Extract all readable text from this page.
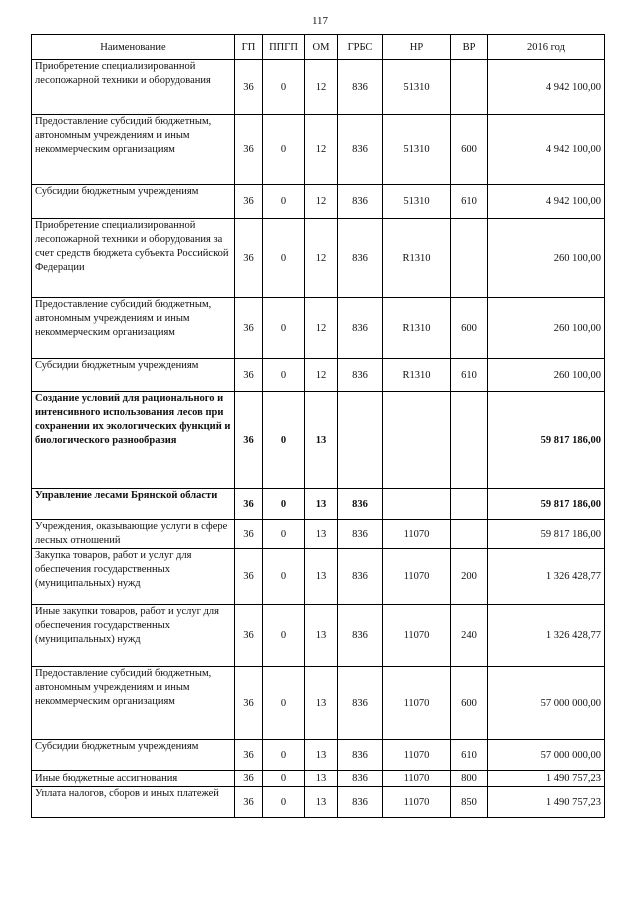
117
Наименование	ГП	ППГП	ОМ	ГРБС	НР	ВР	2016 год
Приобретение специализированной лесопожарной техники и оборудования	36	0	12	836	51310		4 942 100,00
Предоставление субсидий бюджетным, автономным учреждениям и иным некоммерческим организациям	36	0	12	836	51310	600	4 942 100,00
Субсидии бюджетным учреждениям	36	0	12	836	51310	610	4 942 100,00
Приобретение специализированной лесопожарной техники и оборудования за счет средств бюджета субъекта Российской Федерации	36	0	12	836	R1310		260 100,00
Предоставление субсидий бюджетным, автономным учреждениям и иным некоммерческим организациям	36	0	12	836	R1310	600	260 100,00
Субсидии бюджетным учреждениям	36	0	12	836	R1310	610	260 100,00
Создание условий для рационального и интенсивного использования лесов при сохранении их экологических функций и биологического разнообразия	36	0	13				59 817 186,00
Управление лесами Брянской области	36	0	13	836			59 817 186,00
Учреждения, оказывающие услуги в сфере лесных отношений	36	0	13	836	11070		59 817 186,00
Закупка товаров, работ и услуг для обеспечения государственных (муниципальных) нужд	36	0	13	836	11070	200	1 326 428,77
Иные закупки товаров, работ и услуг для обеспечения государственных (муниципальных) нужд	36	0	13	836	11070	240	1 326 428,77
Предоставление субсидий бюджетным, автономным учреждениям и иным некоммерческим организациям	36	0	13	836	11070	600	57 000 000,00
Субсидии бюджетным учреждениям	36	0	13	836	11070	610	57 000 000,00
Иные бюджетные ассигнования	36	0	13	836	11070	800	1 490 757,23
Уплата налогов, сборов и иных платежей	36	0	13	836	11070	850	1 490 757,23
